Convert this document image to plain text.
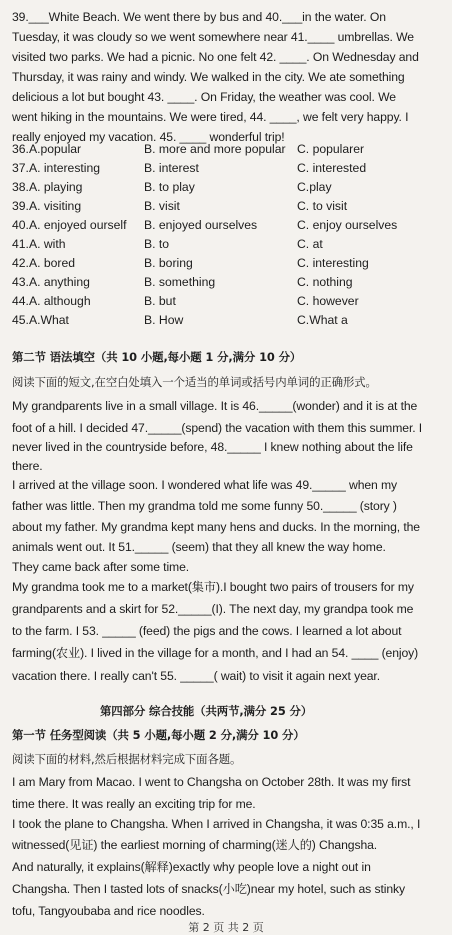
39.___White Beach. We went there by bus and 40.___in the water. On
Tuesday, it was cloudy so we went somewhere near 41.____ umbrellas. We
visited two parks. We had a picnic. No one felt 42. ____. On Wednesday and
Thursday, it was rainy and windy. We walked in the city. We ate something
delicious a lot but bought 43. ____. On Friday, the weather was cool. We
went hiking in the mountains. We were tired, 44. ____, we felt very happy. I
really enjoyed my vacation. 45. ____ wonderful trip!
36.A.popular	B. more and more popular C. popularer
37.A. interesting	B. interest	C. interested
38.A. playing	B. to play	C.play
39.A. visiting	B. visit	C. to visit
40.A. enjoyed ourself B. enjoyed ourselves	C. enjoy ourselves
41.A. with	B. to	C. at
42.A. bored	B. boring	C. interesting
43.A. anything	B. something	C. nothing
44.A. although	B. but	C. however
45.A.What	B. How	C.What a
第二节 语法填空（共 10 小题,每小题 1 分,满分 10 分）
阅读下面的短文,在空白处填入一个适当的单词或括号内单词的正确形式。
My grandparents live in a small village. It is 46._____(wonder) and it is at the
foot of a hill. I decided 47._____(spend) the vacation with them this summer. I
never lived in the countryside before, 48._____ I knew nothing about the life
there.
I arrived at the village soon. I wondered what life was 49._____ when my
father was little. Then my grandma told me some funny 50._____ (story )
about my father. My grandma kept many hens and ducks. In the morning, the
animals went out. It 51._____ (seem) that they all knew the way home.
They came back after some time.
My grandma took me to a market(集市).I bought two pairs of trousers for my
grandparents and a skirt for 52._____(I). The next day, my grandpa took me
to the farm. I 53. _____ (feed) the pigs and the cows. I learned a lot about
farming(农业). I lived in the village for a month, and I had an 54. ____ (enjoy)
vacation there. I really can't 55. _____( wait) to visit it again next year.
第四部分 综合技能（共两节,满分 25 分）
第一节 任务型阅读（共 5 小题,每小题 2 分,满分 10 分）
阅读下面的材料,然后根据材料完成下面各题。
I am Mary from Macao. I went to Changsha on October 28th. It was my first
time there. It was really an exciting trip for me.
I took the plane to Changsha. When I arrived in Changsha, it was 0:35 a.m., I
witnessed(见证) the earliest morning of charming(迷人的) Changsha.
And naturally, it explains(解释)exactly why people love a night out in
Changsha. Then I tasted lots of snacks(小吃)near my hotel, such as stinky
tofu, Tangyoubaba and rice noodles.
第 2 页 共 2 页
